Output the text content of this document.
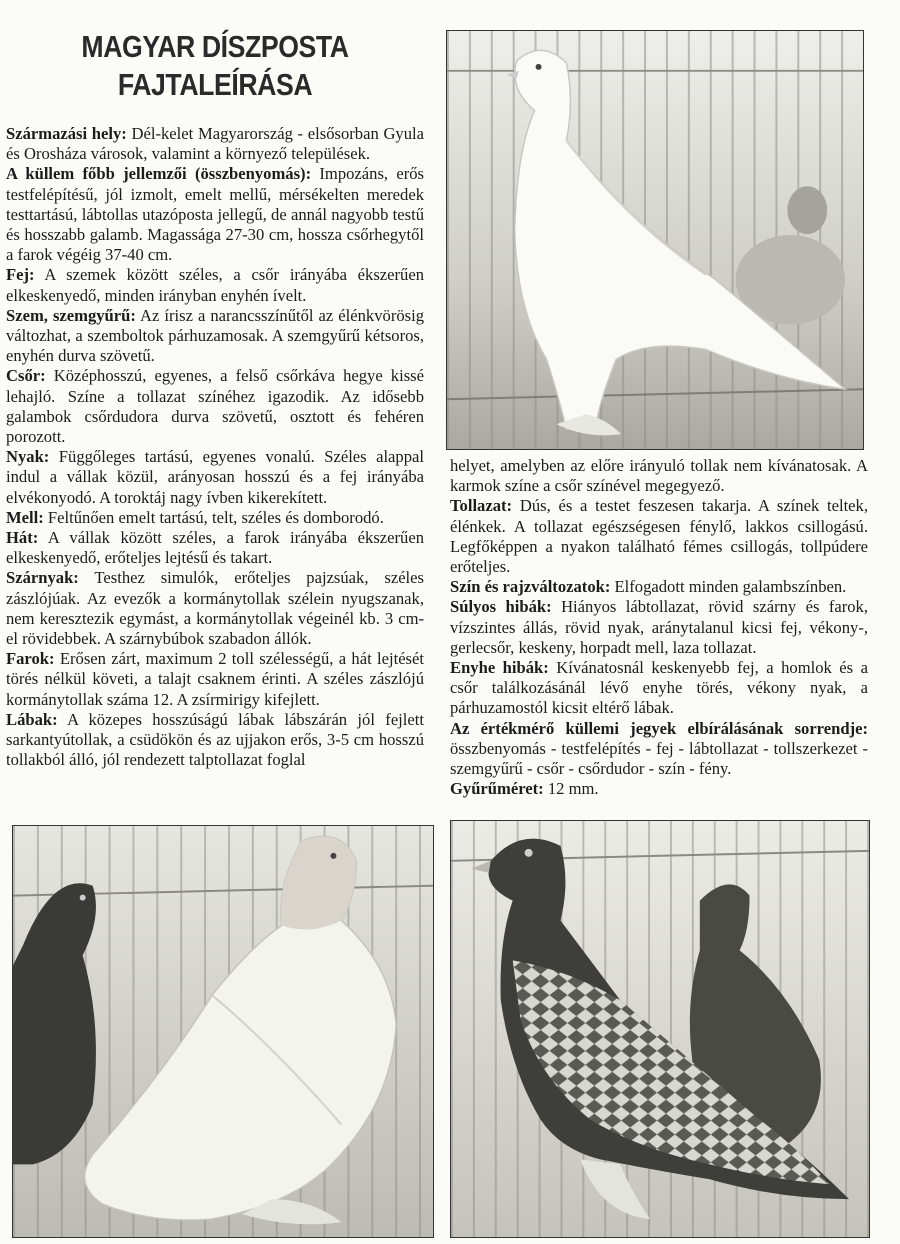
MAGYAR DÍSZPOSTA
FAJTALEÍRÁSA

Származási hely: Dél-kelet Magyarország - elsősorban Gyula és Orosháza városok, valamint a környező települések.

A küllem főbb jellemzői (összbenyomás): Impozáns, erős testfelépítésű, jól izmolt, emelt mellű, mérsékelten meredek testtartású, lábtollas utazóposta jellegű, de annál nagyobb testű és hosszabb galamb. Magassága 27-30 cm, hossza csőrhegytől a farok végéig 37-40 cm.

Fej: A szemek között széles, a csőr irányába ékszerűen elkeskenyedő, minden irányban enyhén ívelt.

Szem, szemgyűrű: Az írisz a narancsszínűtől az élénkvörösig változhat, a szemboltok párhuzamosak. A szemgyűrű kétsoros, enyhén durva szövetű.

Csőr: Középhosszú, egyenes, a felső csőrkáva hegye kissé lehajló. Színe a tollazat színéhez igazodik. Az idősebb galambok csőrdudora durva szövetű, osztott és fehéren porozott.

Nyak: Függőleges tartású, egyenes vonalú. Széles alappal indul a vállak közül, arányosan hosszú és a fej irányába elvékonyodó. A toroktáj nagy ívben kikerekített.

Mell: Feltűnően emelt tartású, telt, széles és domborodó.

Hát: A vállak között széles, a farok irányába ékszerűen elkeskenyedő, erőteljes lejtésű és takart.

Szárnyak: Testhez simulók, erőteljes pajzsúak, széles zászlójúak. Az evezők a kormánytollak szélein nyugszanak, nem keresztezik egymást, a kormánytollak végeinél kb. 3 cm-el rövidebbek. A szárnybúbok szabadon állók.

Farok: Erősen zárt, maximum 2 toll szélességű, a hát lejtését törés nélkül követi, a talajt csaknem érinti. A széles zászlójú kormánytollak száma 12. A zsírmirigy kifejlett.

Lábak: A közepes hosszúságú lábak lábszárán jól fejlett sarkantyútollak, a csüdökön és az ujjakon erős, 3-5 cm hosszú tollakból álló, jól rendezett talptollazat foglal

helyet, amelyben az előre irányuló tollak nem kívánatosak. A karmok színe a csőr színével megegyező.

Tollazat: Dús, és a testet feszesen takarja. A színek teltek, élénkek. A tollazat egészségesen fénylő, lakkos csillogású. Legfőképpen a nyakon található fémes csillogás, tollpúdere erőteljes.

Szín és rajzváltozatok: Elfogadott minden galambszínben.

Súlyos hibák: Hiányos lábtollazat, rövid szárny és farok, vízszintes állás, rövid nyak, aránytalanul kicsi fej, vékony-, gerlecsőr, keskeny, horpadt mell, laza tollazat.

Enyhe hibák: Kívánatosnál keskenyebb fej, a homlok és a csőr találkozásánál lévő enyhe törés, vékony nyak, a párhuzamostól kicsit eltérő lábak.

Az értékmérő küllemi jegyek elbírálásának sorrendje: összbenyomás - testfelépítés - fej - lábtollazat - tollszerkezet - szemgyűrű - csőr - csőrdudor - szín - fény.

Gyűrűméret: 12 mm.
